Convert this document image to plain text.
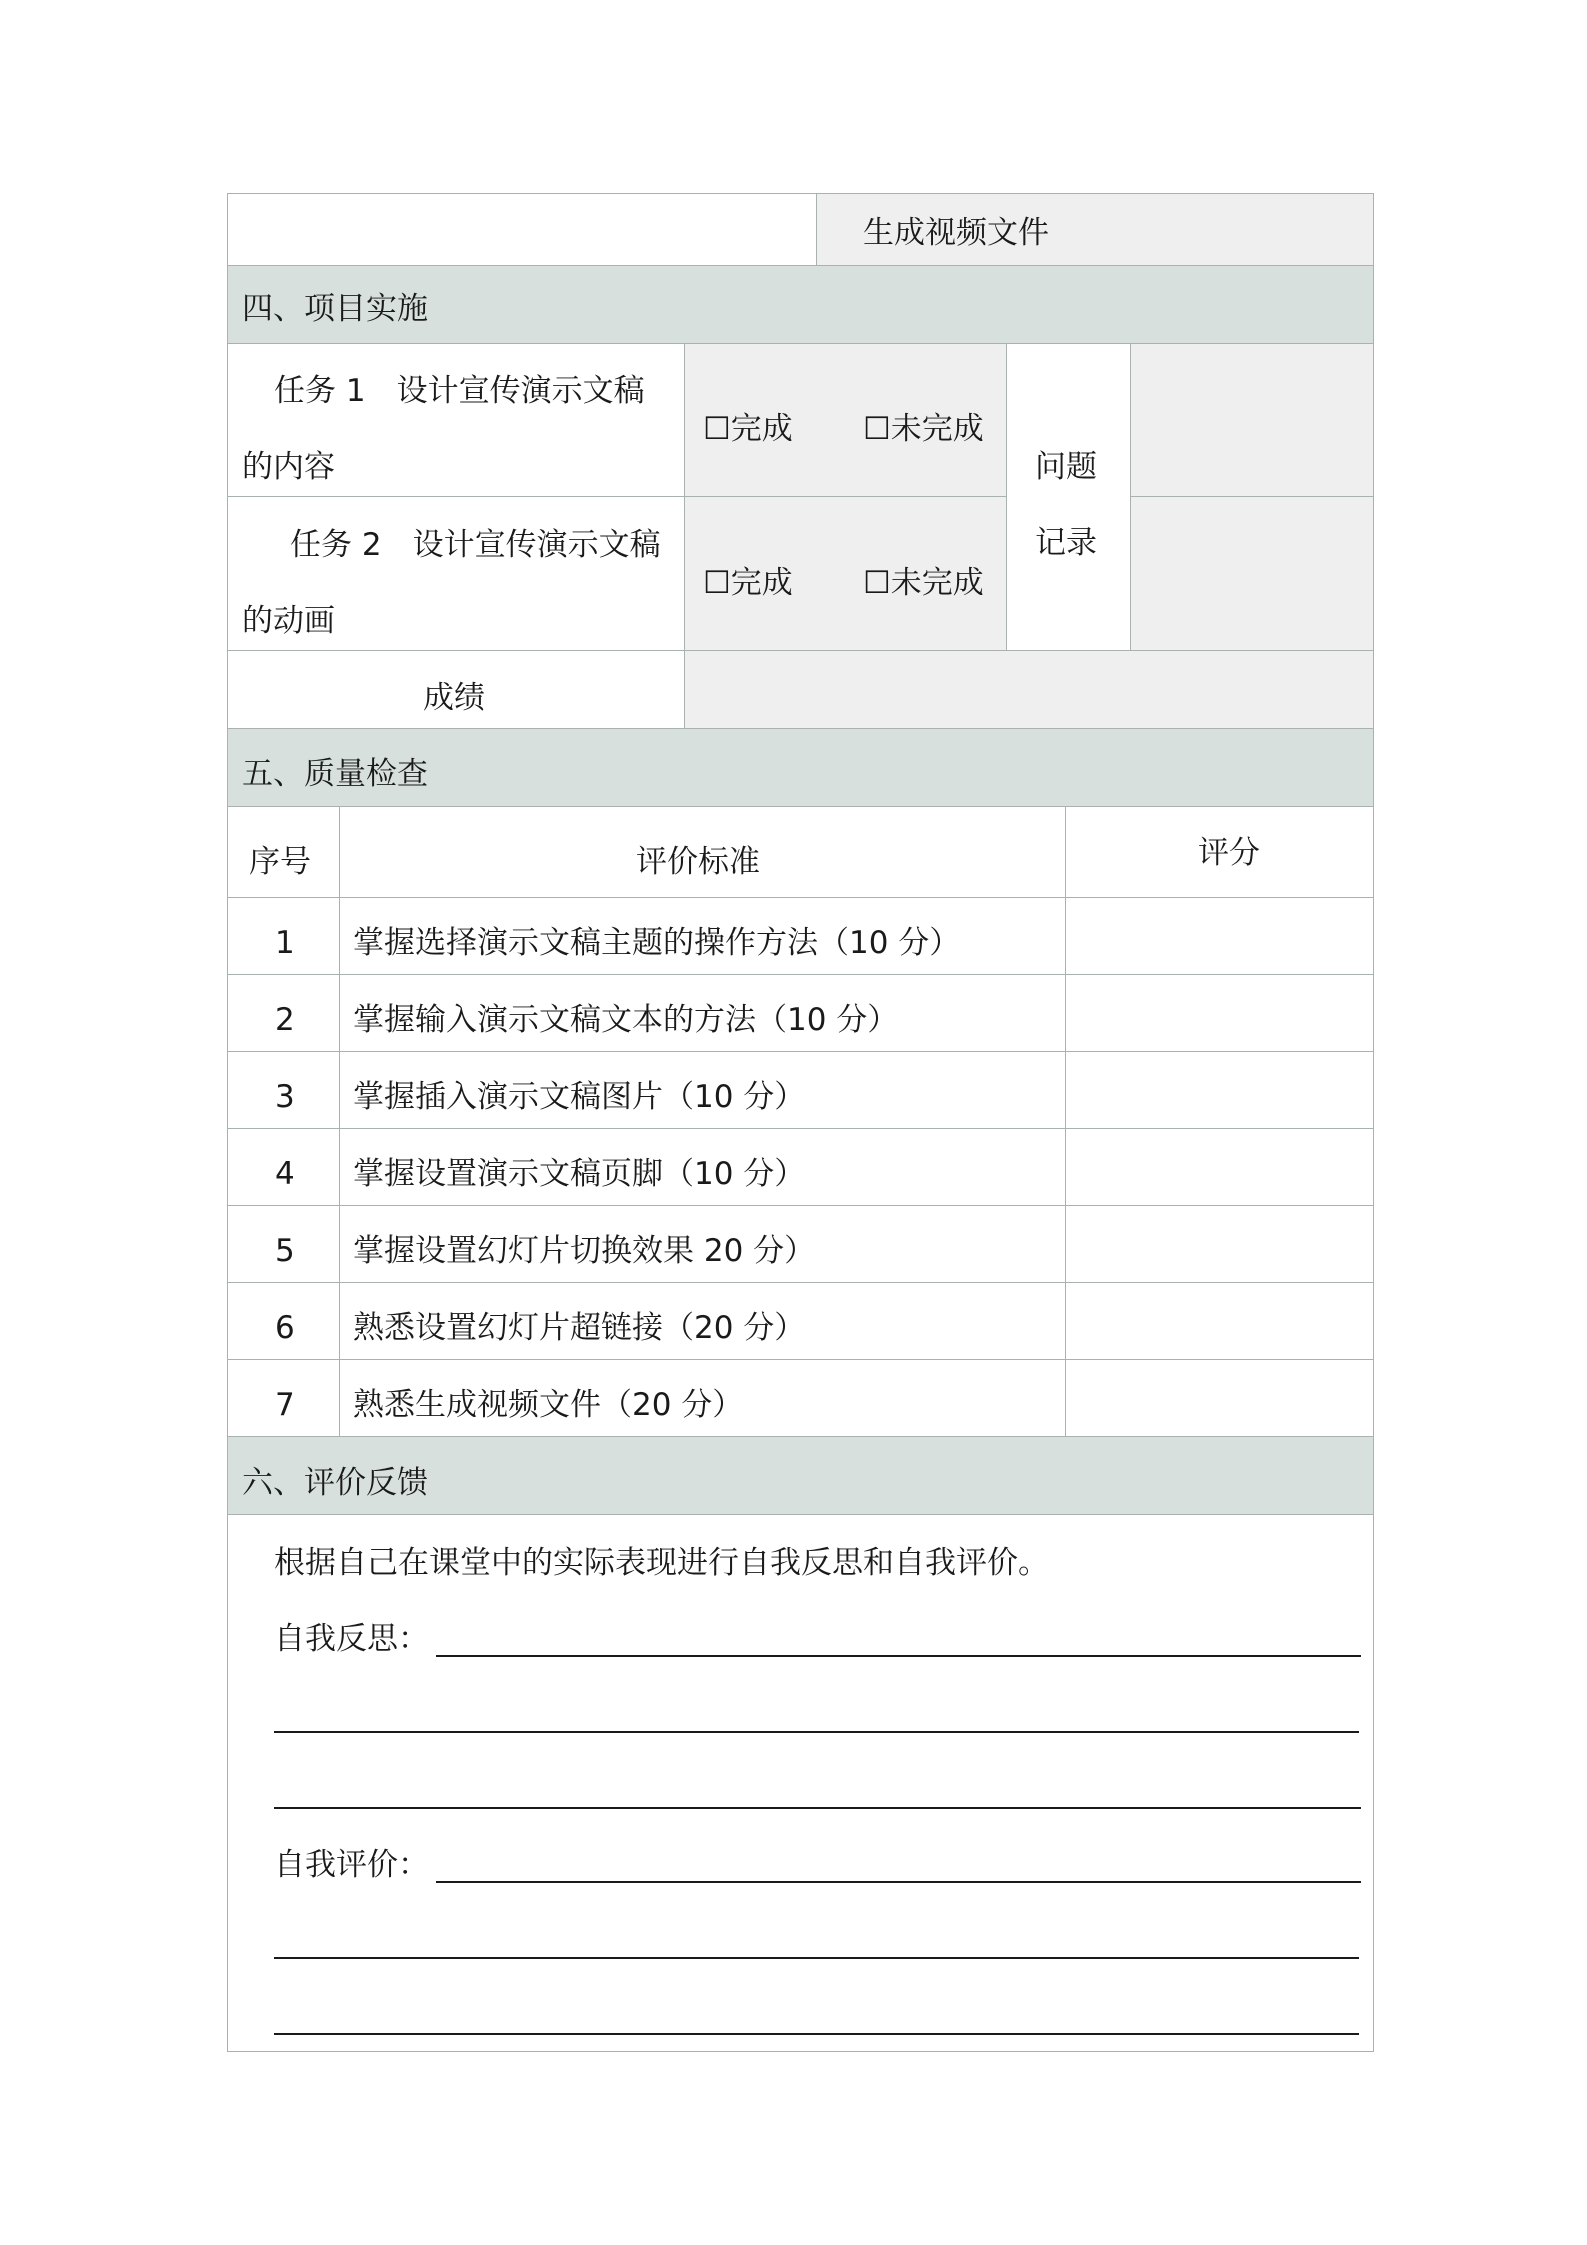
生成视频文件
四、项目实施
任务 1　设计宣传演示文稿
的内容
☐完成 ☐未完成
任务 2　设计宣传演示文稿
的动画
☐完成 ☐未完成
问题
记录
成绩
五、质量检查
序号	评价标准	评分
1 掌握选择演示文稿主题的操作方法（10 分）
2 掌握输入演示文稿文本的方法（10 分）
3 掌握插入演示文稿图片（10 分）
4 掌握设置演示文稿页脚（10 分）
5 掌握设置幻灯片切换效果 20 分）
6 熟悉设置幻灯片超链接（20 分）
7 熟悉生成视频文件（20 分）
六、评价反馈
根据自己在课堂中的实际表现进行自我反思和自我评价。
自我反思：
自我评价：
